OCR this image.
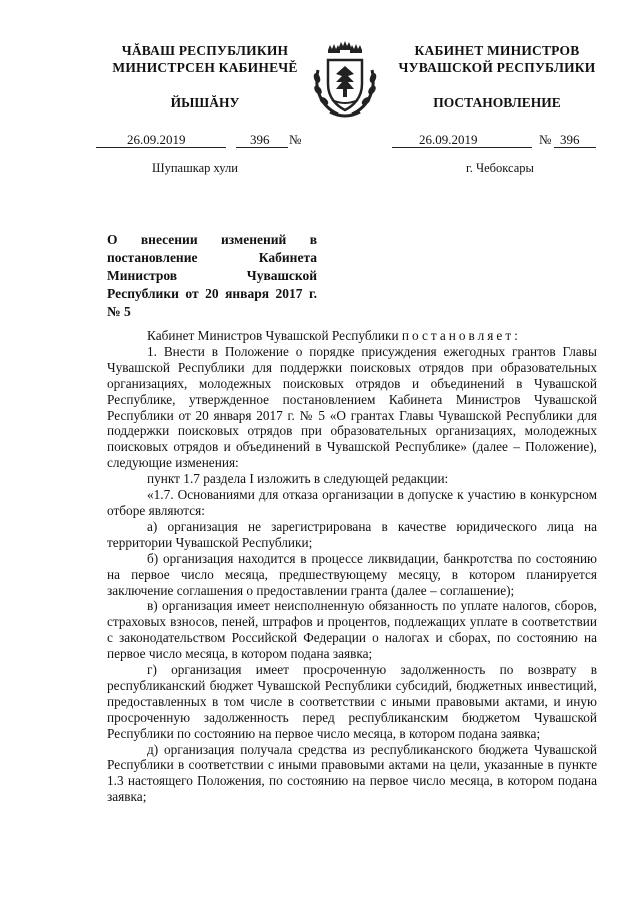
ЧĂВАШ РЕСПУБЛИКИН
МИНИСТРСЕН КАБИНЕЧĚ
ЙЫШĂНУ
КАБИНЕТ МИНИСТРОВ
ЧУВАШСКОЙ РЕСПУБЛИКИ
ПОСТАНОВЛЕНИЕ
26.09.2019	396 №	26.09.2019	№ 396
Шупашкар хули	г. Чебоксары
О внесении изменений в постановление Кабинета Министров Чувашской Республики от 20 января 2017 г. № 5

Кабинет Министров Чувашской Республики постановляет:

1. Внести в Положение о порядке присуждения ежегодных грантов Главы Чувашской Республики для поддержки поисковых отрядов при образовательных организациях, молодежных поисковых отрядов и объединений в Чувашской Республике, утвержденное постановлением Кабинета Министров Чувашской Республики от 20 января 2017 г. № 5 «О грантах Главы Чувашской Республики для поддержки поисковых отрядов при образовательных организациях, молодежных поисковых отрядов и объединений в Чувашской Республике» (далее – Положение), следующие изменения:

пункт 1.7 раздела I изложить в следующей редакции:

«1.7. Основаниями для отказа организации в допуске к участию в конкурсном отборе являются:

а) организация не зарегистрирована в качестве юридического лица на территории Чувашской Республики;

б) организация находится в процессе ликвидации, банкротства по состоянию на первое число месяца, предшествующему месяцу, в котором планируется заключение соглашения о предоставлении гранта (далее – соглашение);

в) организация имеет неисполненную обязанность по уплате налогов, сборов, страховых взносов, пеней, штрафов и процентов, подлежащих уплате в соответствии с законодательством Российской Федерации о налогах и сборах, по состоянию на первое число месяца, в котором подана заявка;

г) организация имеет просроченную задолженность по возврату в республиканский бюджет Чувашской Республики субсидий, бюджетных инвестиций, предоставленных в том числе в соответствии с иными правовыми актами, и иную просроченную задолженность перед республиканским бюджетом Чувашской Республики по состоянию на первое число месяца, в котором подана заявка;

д) организация получала средства из республиканского бюджета Чувашской Республики в соответствии с иными правовыми актами на цели, указанные в пункте 1.3 настоящего Положения, по состоянию на первое число месяца, в котором подана заявка;
